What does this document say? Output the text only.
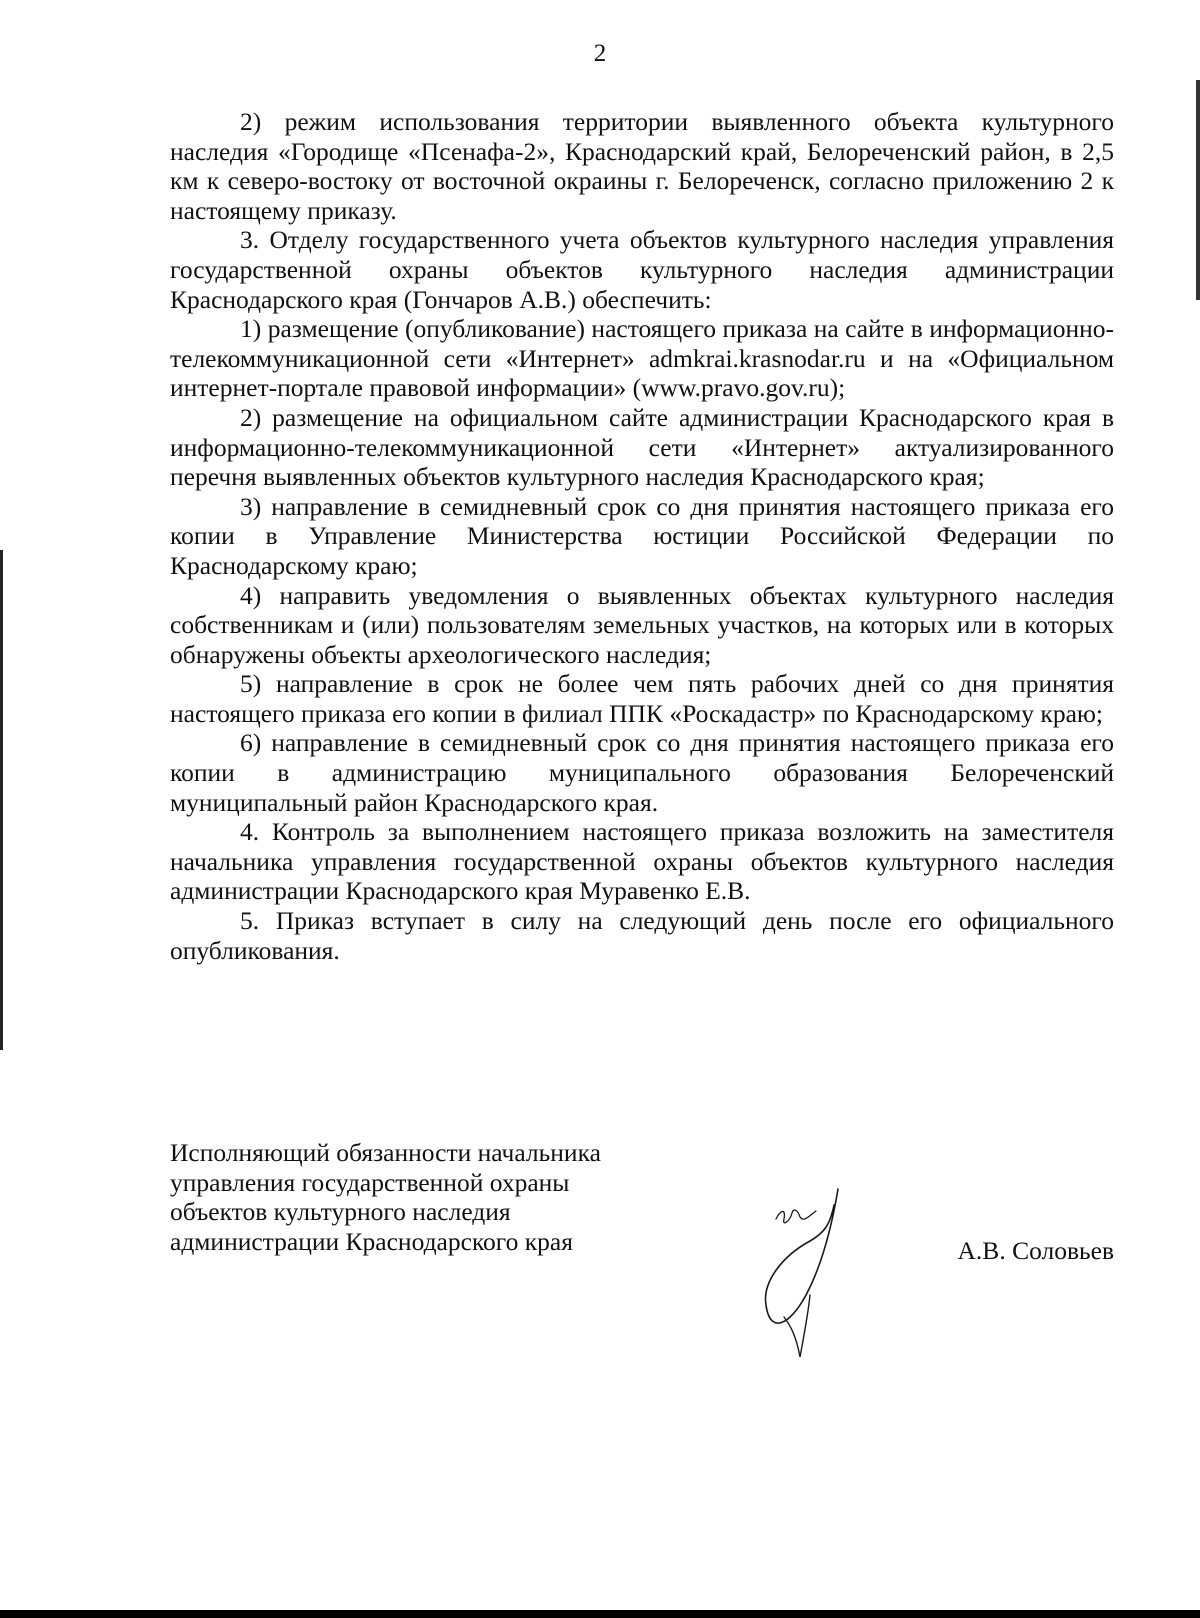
2

2) режим использования территории выявленного объекта культурного наследия «Городище «Псенафа-2», Краснодарский край, Белореченский район, в 2,5 км к северо-востоку от восточной окраины г. Белореченск, согласно приложению 2 к настоящему приказу.

3. Отделу государственного учета объектов культурного наследия управления государственной охраны объектов культурного наследия администрации Краснодарского края (Гончаров А.В.) обеспечить:

1) размещение (опубликование) настоящего приказа на сайте в информационно-телекоммуникационной сети «Интернет» admkrai.krasnodar.ru и на «Официальном интернет-портале правовой информации» (www.pravo.gov.ru);

2) размещение на официальном сайте администрации Краснодарского края в информационно-телекоммуникационной сети «Интернет» актуализированного перечня выявленных объектов культурного наследия Краснодарского края;

3) направление в семидневный срок со дня принятия настоящего приказа его копии в Управление Министерства юстиции Российской Федерации по Краснодарскому краю;

4) направить уведомления о выявленных объектах культурного наследия собственникам и (или) пользователям земельных участков, на которых или в которых обнаружены объекты археологического наследия;

5) направление в срок не более чем пять рабочих дней со дня принятия настоящего приказа его копии в филиал ППК «Роскадастр» по Краснодарскому краю;

6) направление в семидневный срок со дня принятия настоящего приказа его копии в администрацию муниципального образования Белореченский муниципальный район Краснодарского края.

4. Контроль за выполнением настоящего приказа возложить на заместителя начальника управления государственной охраны объектов культурного наследия администрации Краснодарского края Муравенко Е.В.

5. Приказ вступает в силу на следующий день после его официального опубликования.

Исполняющий обязанности начальника
управления государственной охраны
объектов культурного наследия
администрации Краснодарского края	А.В. Соловьев
